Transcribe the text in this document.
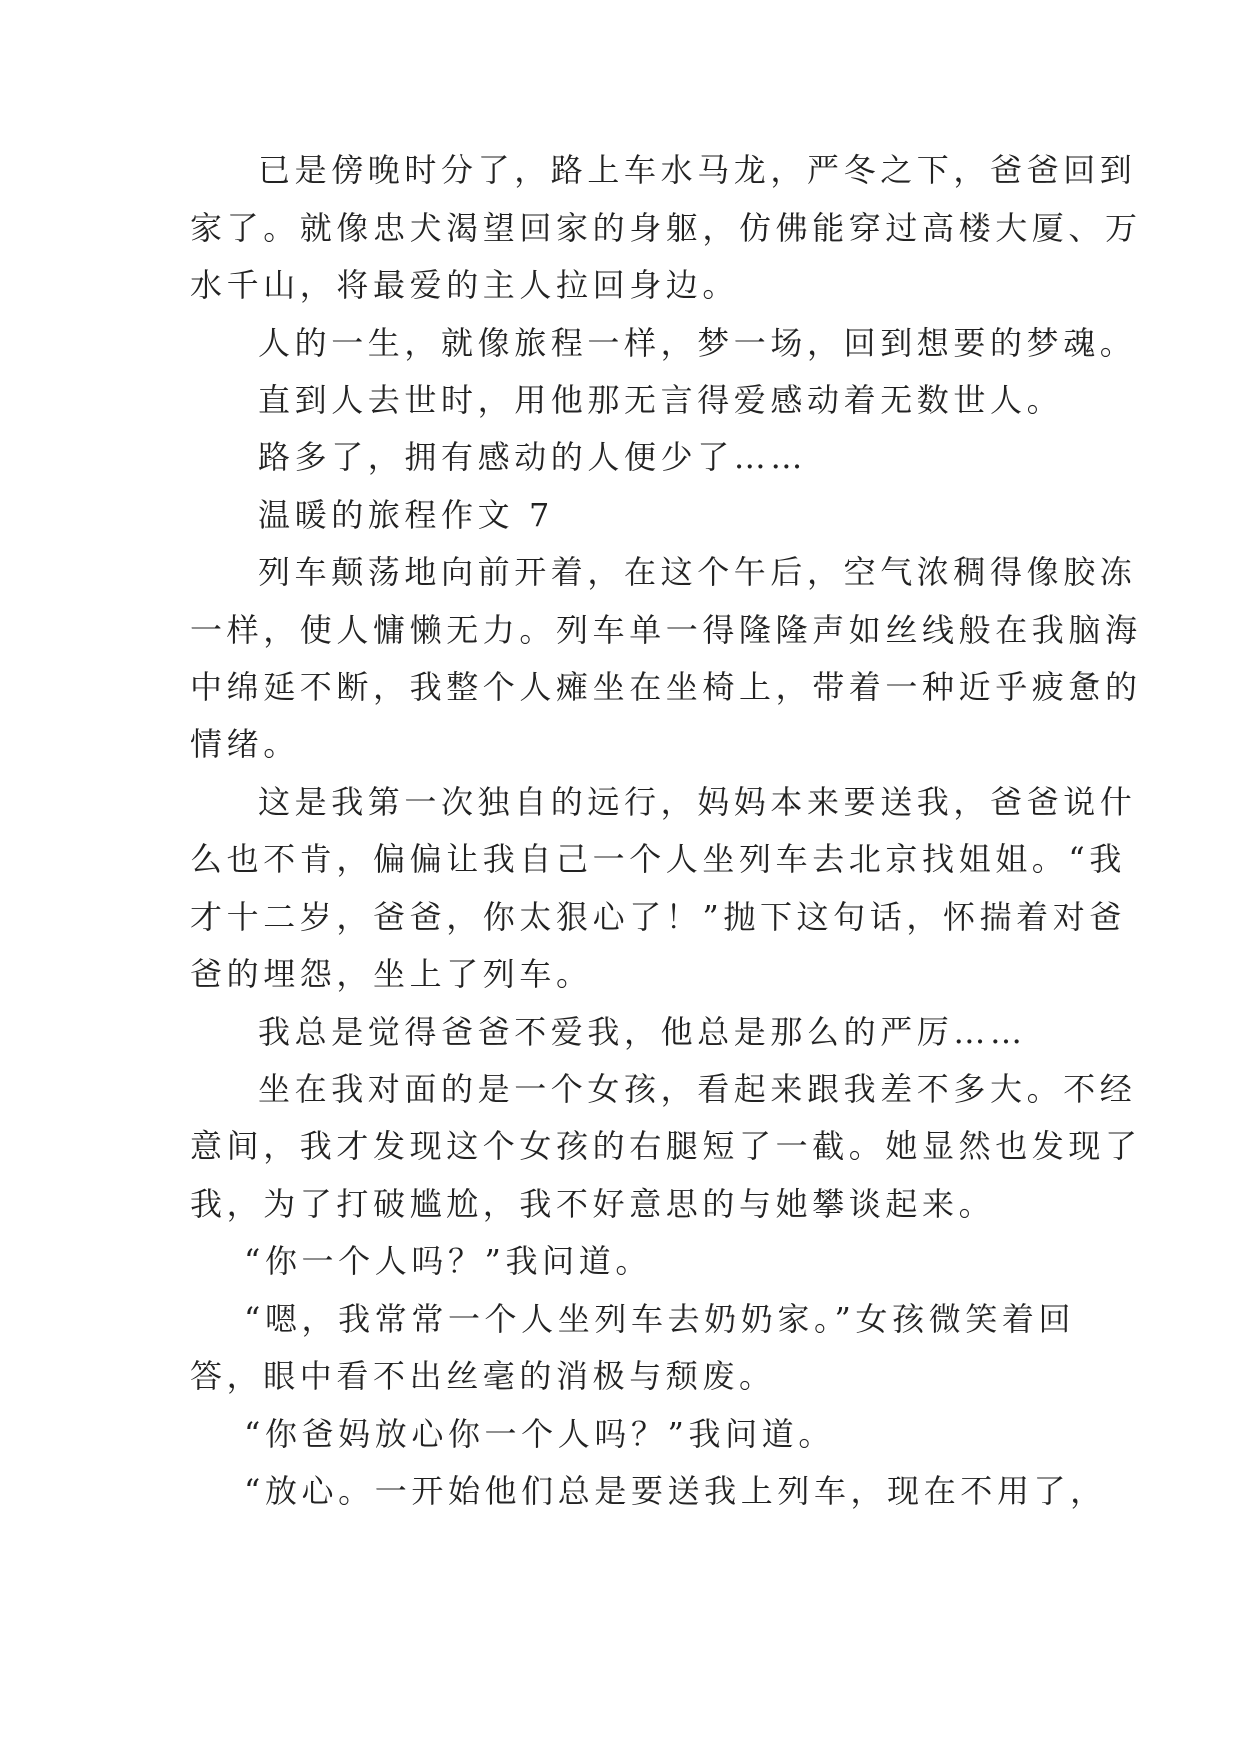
已是傍晚时分了，路上车水马龙，严冬之下，爸爸回到

家了。就像忠犬渴望回家的身躯，仿佛能穿过高楼大厦、万

水千山，将最爱的主人拉回身边。

人的一生，就像旅程一样，梦一场，回到想要的梦魂。

直到人去世时，用他那无言得爱感动着无数世人。

路多了，拥有感动的人便少了……

温暖的旅程作文 7

列车颠荡地向前开着，在这个午后，空气浓稠得像胶冻

一样，使人慵懒无力。列车单一得隆隆声如丝线般在我脑海

中绵延不断，我整个人瘫坐在坐椅上，带着一种近乎疲惫的

情绪。

这是我第一次独自的远行，妈妈本来要送我，爸爸说什

么也不肯，偏偏让我自己一个人坐列车去北京找姐姐。“我

才十二岁，爸爸，你太狠心了！”抛下这句话，怀揣着对爸

爸的埋怨，坐上了列车。

我总是觉得爸爸不爱我，他总是那么的严厉……

坐在我对面的是一个女孩，看起来跟我差不多大。不经

意间，我才发现这个女孩的右腿短了一截。她显然也发现了

我，为了打破尴尬，我不好意思的与她攀谈起来。

“你一个人吗？”我问道。

“嗯，我常常一个人坐列车去奶奶家。”女孩微笑着回

答，眼中看不出丝毫的消极与颓废。

“你爸妈放心你一个人吗？”我问道。

“放心。一开始他们总是要送我上列车，现在不用了，
